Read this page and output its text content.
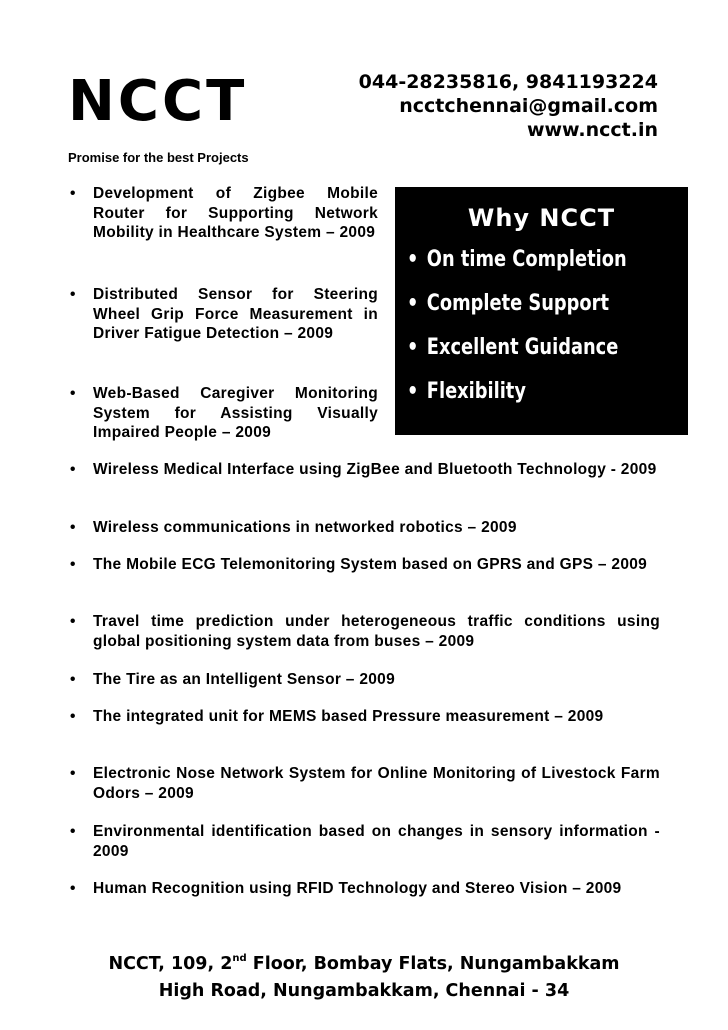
NCCT
Promise for the best Projects
044-28235816, 9841193224
ncctchennai@gmail.com
www.ncct.in
• Development of Zigbee Mobile Router for Supporting Network Mobility in Healthcare System – 2009
• Distributed Sensor for Steering Wheel Grip Force Measurement in Driver Fatigue Detection – 2009
• Web-Based Caregiver Monitoring System for Assisting Visually Impaired People – 2009
Why NCCT
• On time Completion
• Complete Support
• Excellent Guidance
• Flexibility
• Wireless Medical Interface using ZigBee and Bluetooth Technology - 2009
• Wireless communications in networked robotics – 2009
• The Mobile ECG Telemonitoring System based on GPRS and GPS – 2009
• Travel time prediction under heterogeneous traffic conditions using global positioning system data from buses – 2009
• The Tire as an Intelligent Sensor – 2009
• The integrated unit for MEMS based Pressure measurement – 2009
• Electronic Nose Network System for Online Monitoring of Livestock Farm Odors – 2009
• Environmental identification based on changes in sensory information - 2009
• Human Recognition using RFID Technology and Stereo Vision – 2009
NCCT, 109, 2nd Floor, Bombay Flats, Nungambakkam
High Road, Nungambakkam, Chennai - 34
